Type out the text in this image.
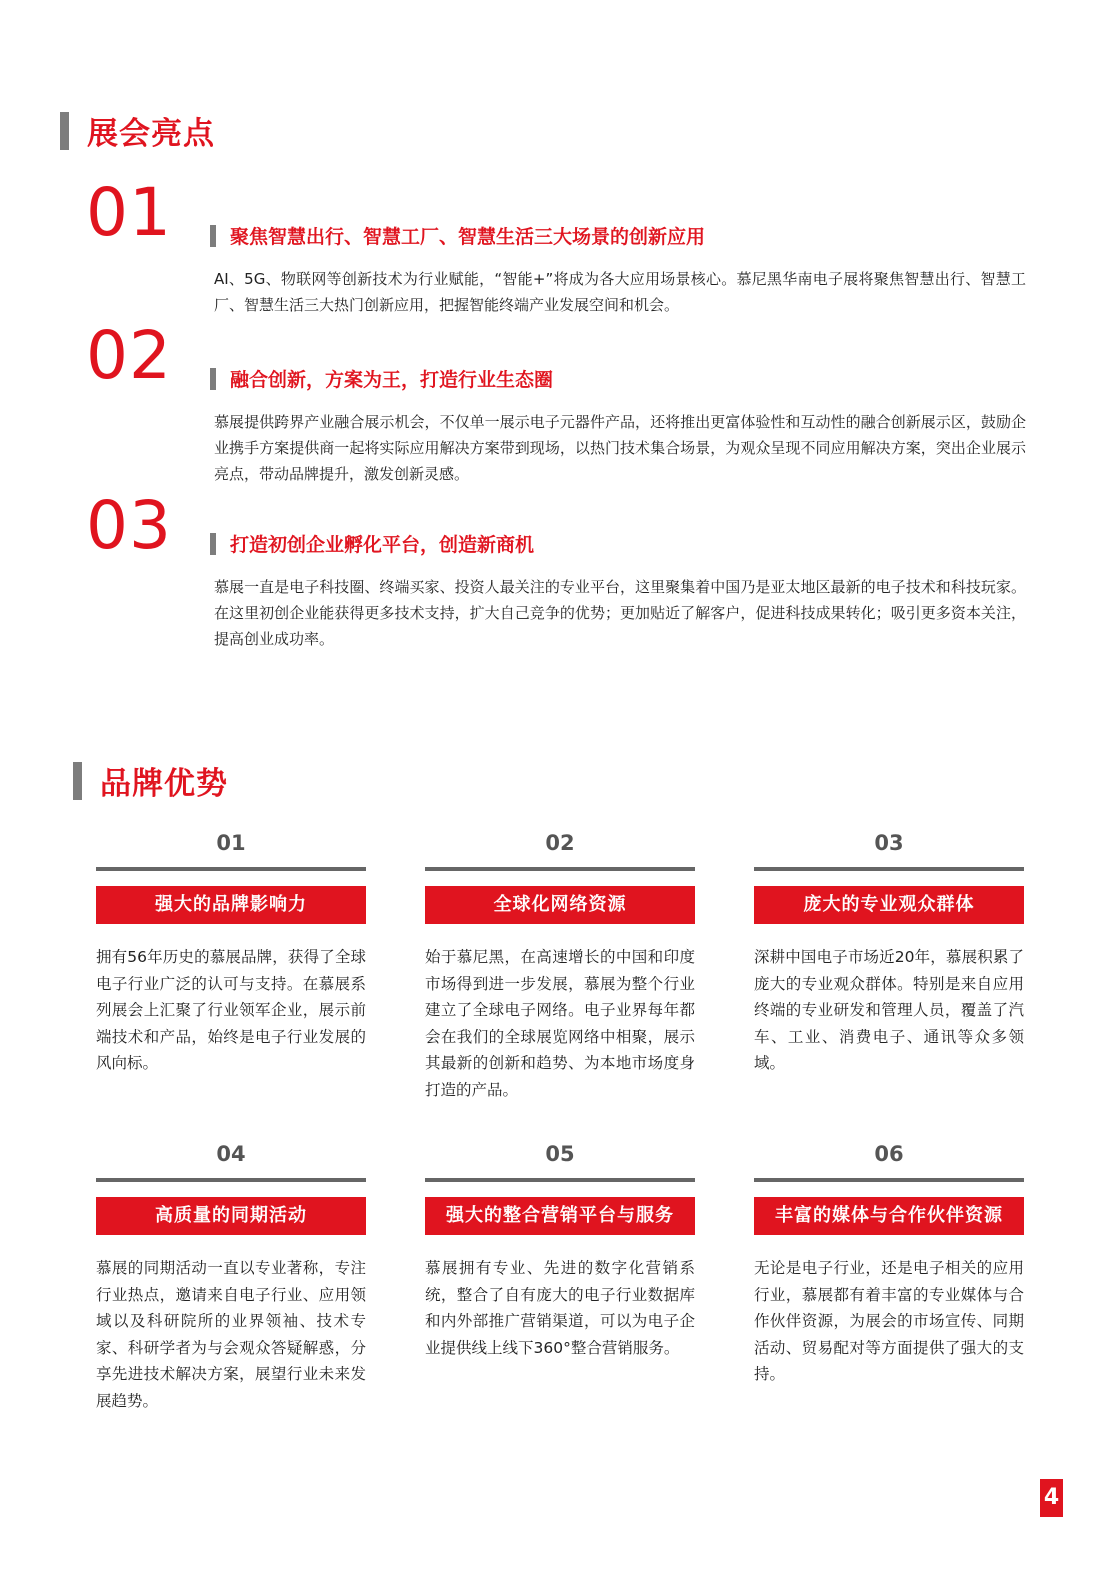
展会亮点
01	聚焦智慧出行、智慧工厂、智慧生活三大场景的创新应用
AI、5G、物联网等创新技术为行业赋能，“智能+”将成为各大应用场景核心。慕尼黑华南电子展将聚焦智慧出行、智慧工厂、智慧生活三大热门创新应用，把握智能终端产业发展空间和机会。
02	融合创新，方案为王，打造行业生态圈
慕展提供跨界产业融合展示机会，不仅单一展示电子元器件产品，还将推出更富体验性和互动性的融合创新展示区，鼓励企业携手方案提供商一起将实际应用解决方案带到现场，以热门技术集合场景，为观众呈现不同应用解决方案，突出企业展示亮点，带动品牌提升，激发创新灵感。
03	打造初创企业孵化平台，创造新商机
慕展一直是电子科技圈、终端买家、投资人最关注的专业平台，这里聚集着中国乃是亚太地区最新的电子技术和科技玩家。在这里初创企业能获得更多技术支持，扩大自己竞争的优势；更加贴近了解客户，促进科技成果转化；吸引更多资本关注，提高创业成功率。
品牌优势
01
强大的品牌影响力
拥有56年历史的慕展品牌，获得了全球电子行业广泛的认可与支持。在慕展系列展会上汇聚了行业领军企业，展示前端技术和产品，始终是电子行业发展的风向标。
02
全球化网络资源
始于慕尼黑，在高速增长的中国和印度市场得到进一步发展，慕展为整个行业建立了全球电子网络。电子业界每年都会在我们的全球展览网络中相聚，展示其最新的创新和趋势、为本地市场度身打造的产品。
03
庞大的专业观众群体
深耕中国电子市场近20年，慕展积累了庞大的专业观众群体。特别是来自应用终端的专业研发和管理人员，覆盖了汽车、工业、消费电子、通讯等众多领域。
04
高质量的同期活动
慕展的同期活动一直以专业著称，专注行业热点，邀请来自电子行业、应用领域以及科研院所的业界领袖、技术专家、科研学者为与会观众答疑解惑，分享先进技术解决方案，展望行业未来发展趋势。
05
强大的整合营销平台与服务
慕展拥有专业、先进的数字化营销系统，整合了自有庞大的电子行业数据库和内外部推广营销渠道，可以为电子企业提供线上线下360°整合营销服务。
06
丰富的媒体与合作伙伴资源
无论是电子行业，还是电子相关的应用行业，慕展都有着丰富的专业媒体与合作伙伴资源，为展会的市场宣传、同期活动、贸易配对等方面提供了强大的支持。
4
